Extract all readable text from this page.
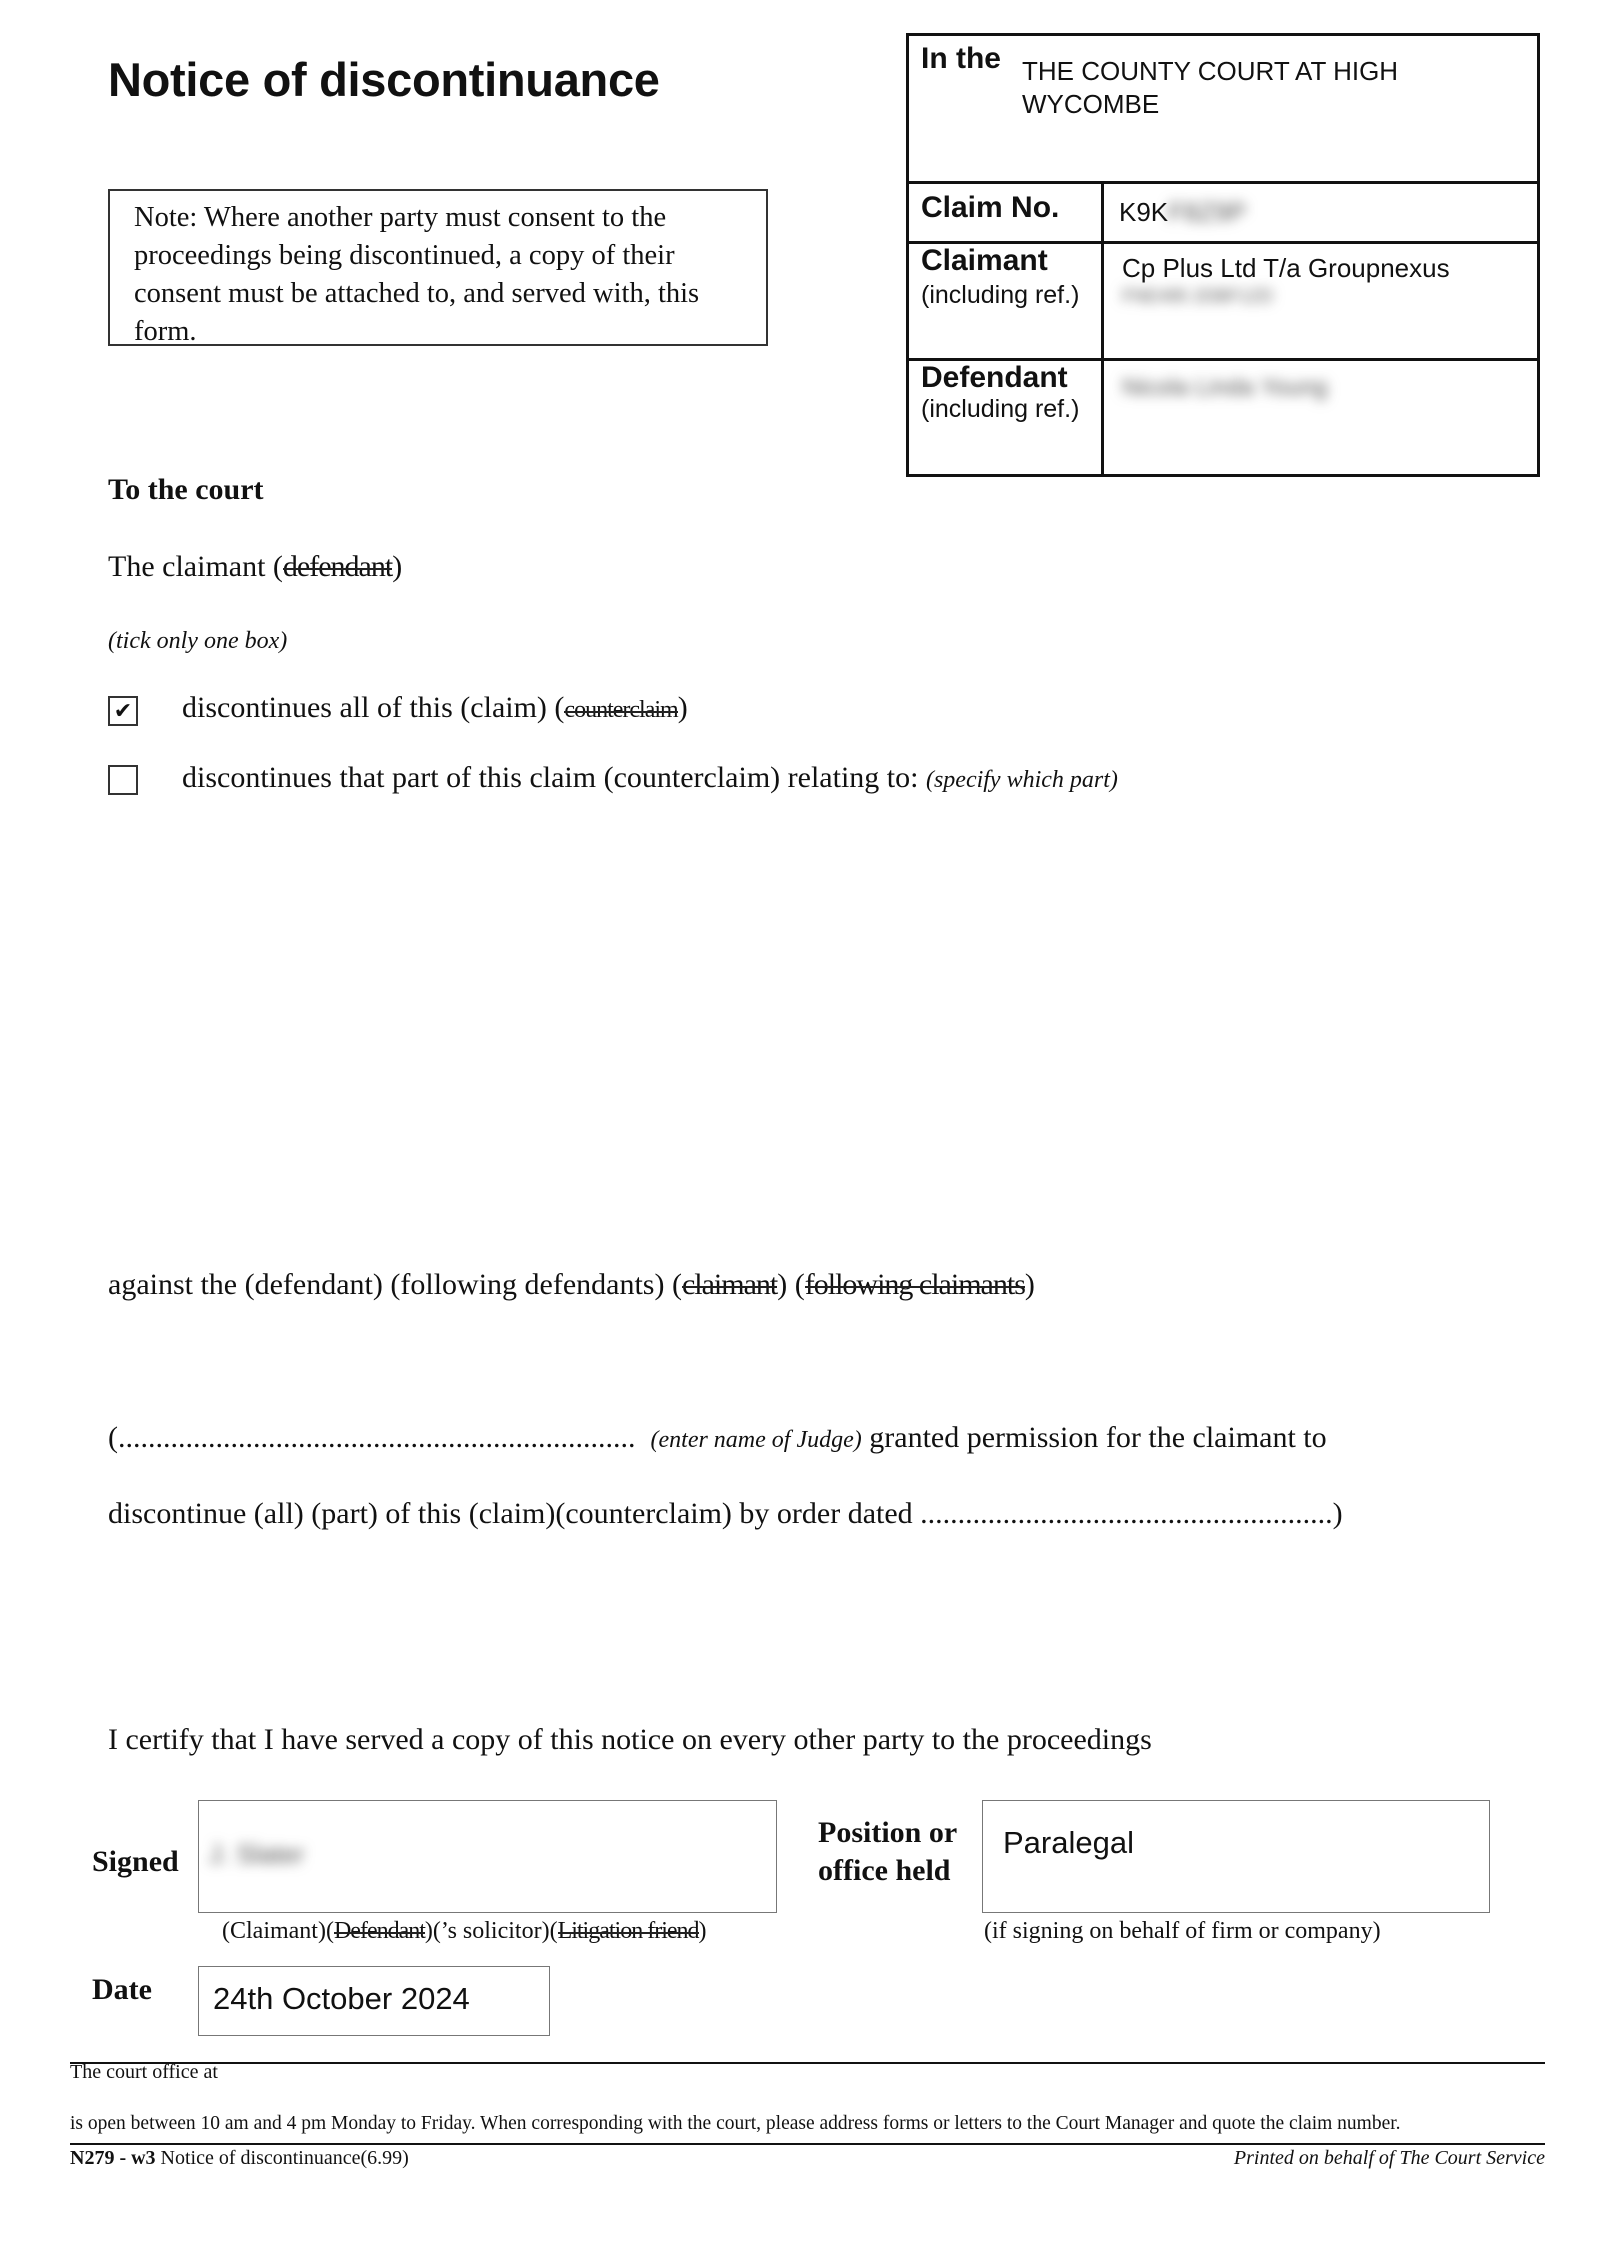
Notice of discontinuance
Note: Where another party must consent to the proceedings being discontinued, a copy of their consent must be attached to, and served with, this form.
In the THE COUNTY COURT AT HIGH
WYCOMBE
Claim No. K9KF8Z9P
Claimant
(including ref.)
Cp Plus Ltd T/a Groupnexus
FNE495 2DBF1ZD
Defendant
(including ref.)
Nicola Linda Young
To the court
The claimant (defendant)
(tick only one box)
✔ discontinues all of this (claim) (counterclaim)
discontinues that part of this claim (counterclaim) relating to: (specify which part)
against the (defendant) (following defendants) (claimant) (following claimants)
(.....................................................................  (enter name of Judge) granted permission for the claimant to
discontinue (all) (part) of this (claim)(counterclaim) by order dated .......................................................)
I certify that I have served a copy of this notice on every other party to the proceedings
Signed J. Slater
(Claimant)(Defendant)(’s solicitor)(Litigation friend)
Position or
office held
Paralegal
(if signing on behalf of firm or company)
Date 24th October 2024
The court office at
is open between 10 am and 4 pm Monday to Friday. When corresponding with the court, please address forms or letters to the Court Manager and quote the claim number.
N279 - w3 Notice of discontinuance(6.99)	Printed on behalf of The Court Service
